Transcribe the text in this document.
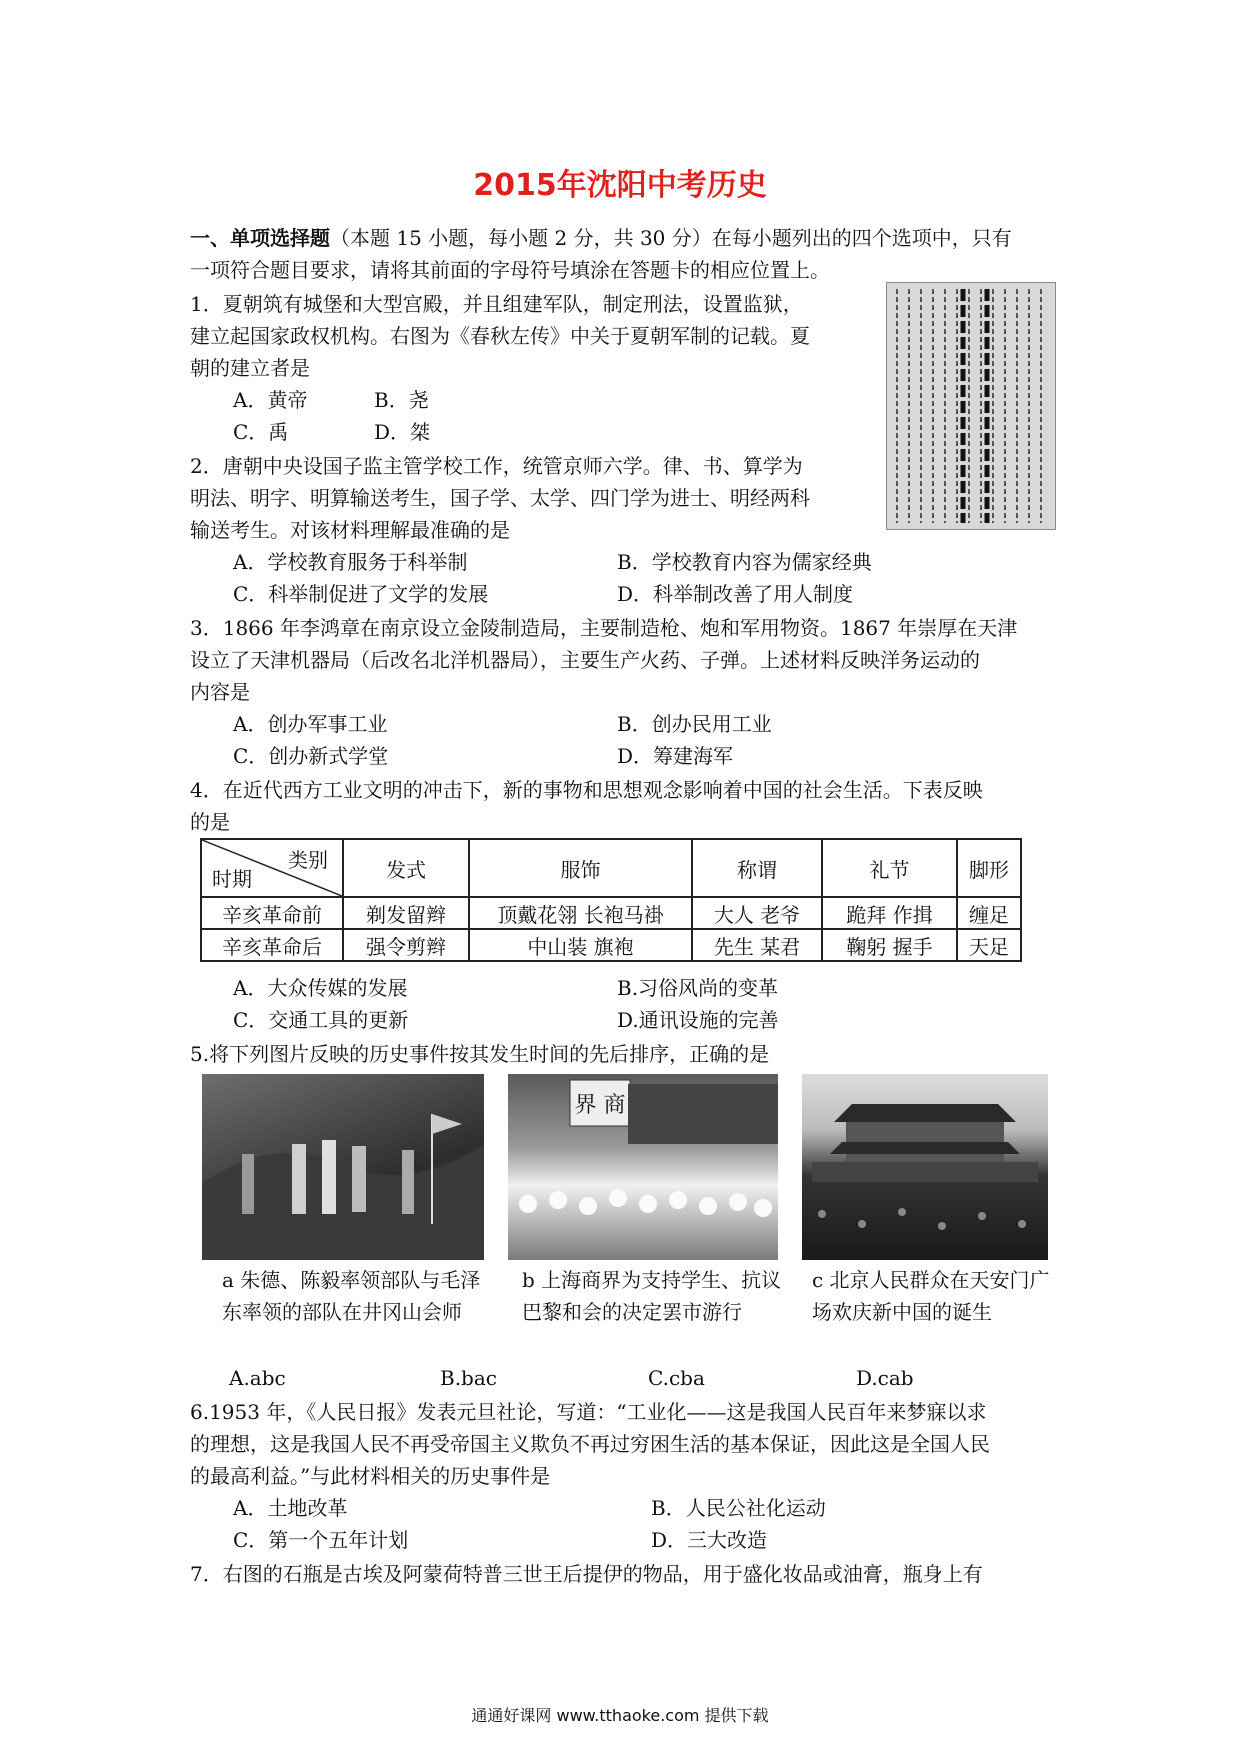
2015年沈阳中考历史
一、单项选择题（本题 15 小题，每小题 2 分，共 30 分）在每小题列出的四个选项中，只有
一项符合题目要求，请将其前面的字母符号填涂在答题卡的相应位置上。
1．夏朝筑有城堡和大型宫殿，并且组建军队，制定刑法，设置监狱，
建立起国家政权机构。右图为《春秋左传》中关于夏朝军制的记载。夏
朝的建立者是
A．黄帝	B．尧
C．禹	D．桀
2．唐朝中央设国子监主管学校工作，统管京师六学。律、书、算学为
明法、明字、明算输送考生，国子学、太学、四门学为进士、明经两科
输送考生。对该材料理解最准确的是
A．学校教育服务于科举制	B．学校教育内容为儒家经典
C．科举制促进了文学的发展	D．科举制改善了用人制度
3．1866 年李鸿章在南京设立金陵制造局，主要制造枪、炮和军用物资。1867 年崇厚在天津
设立了天津机器局（后改名北洋机器局），主要生产火药、子弹。上述材料反映洋务运动的
内容是
A．创办军事工业	B．创办民用工业
C．创办新式学堂	D．筹建海军
4．在近代西方工业文明的冲击下，新的事物和思想观念影响着中国的社会生活。下表反映
的是
类别
时期	发式	服饰	称谓	礼节	脚形
辛亥革命前	剃发留辫	顶戴花翎 长袍马褂	大人 老爷	跪拜 作揖	缠足
辛亥革命后	强令剪辫	中山装 旗袍	先生 某君	鞠躬 握手	天足
A．大众传媒的发展	B.习俗风尚的变革
C．交通工具的更新	D.通讯设施的完善
5.将下列图片反映的历史事件按其发生时间的先后排序，正确的是
界 商
a 朱德、陈毅率领部队与毛泽东率领的部队在井冈山会师
b 上海商界为支持学生、抗议巴黎和会的决定罢市游行
c 北京人民群众在天安门广场欢庆新中国的诞生
A.abc	B.bac	C.cba	D.cab
6.1953 年，《人民日报》发表元旦社论，写道：“工业化——这是我国人民百年来梦寐以求
的理想，这是我国人民不再受帝国主义欺负不再过穷困生活的基本保证，因此这是全国人民
的最高利益。”与此材料相关的历史事件是
A．土地改革	B．人民公社化运动
C．第一个五年计划	D．三大改造
7．右图的石瓶是古埃及阿蒙荷特普三世王后提伊的物品，用于盛化妆品或油膏，瓶身上有
通通好课网 www.tthaoke.com 提供下载
